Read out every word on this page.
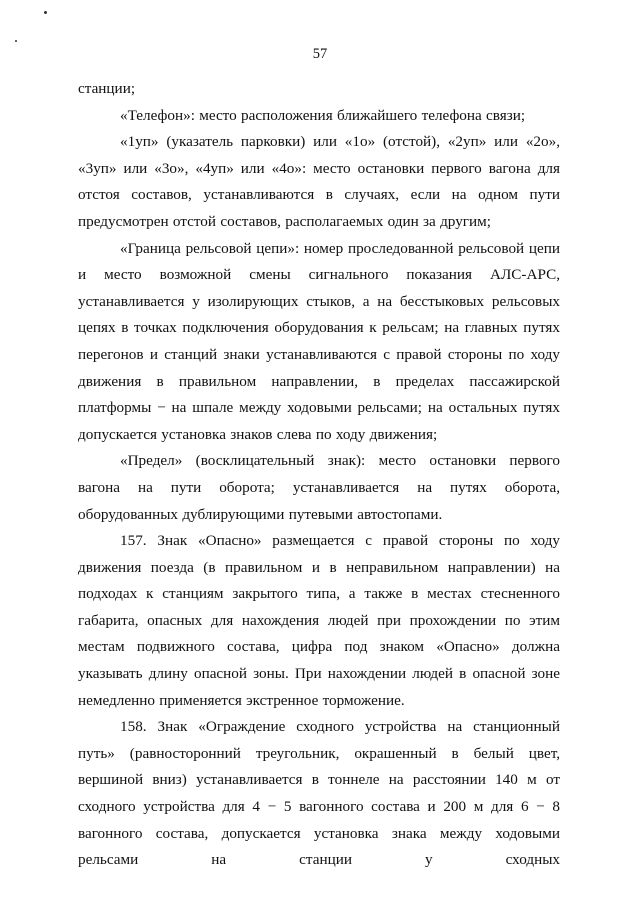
57

станции;

«Телефон»: место расположения ближайшего телефона связи;

«1уп» (указатель парковки) или «1о» (отстой), «2уп» или «2о», «3уп» или «3о», «4уп» или «4о»: место остановки первого вагона для отстоя составов, устанавливаются в случаях, если на одном пути предусмотрен отстой составов, располагаемых один за другим;

«Граница рельсовой цепи»: номер проследованной рельсовой цепи и место возможной смены сигнального показания АЛС-АРС, устанавливается у изолирующих стыков, а на бесстыковых рельсовых цепях в точках подключения оборудования к рельсам; на главных путях перегонов и станций знаки устанавливаются с правой стороны по ходу движения в правильном направлении, в пределах пассажирской платформы − на шпале между ходовыми рельсами; на остальных путях допускается установка знаков слева по ходу движения;

«Предел» (восклицательный знак): место остановки первого вагона на пути оборота; устанавливается на путях оборота, оборудованных дублирующими путевыми автостопами.

157. Знак «Опасно» размещается с правой стороны по ходу движения поезда (в правильном и в неправильном направлении) на подходах к станциям закрытого типа, а также в местах стесненного габарита, опасных для нахождения людей при прохождении по этим местам подвижного состава, цифра под знаком «Опасно» должна указывать длину опасной зоны. При нахождении людей в опасной зоне немедленно применяется экстренное торможение.

158. Знак «Ограждение сходного устройства на станционный путь» (равносторонний треугольник, окрашенный в белый цвет, вершиной вниз) устанавливается в тоннеле на расстоянии 140 м от сходного устройства для 4 − 5 вагонного состава и 200 м для 6 − 8 вагонного состава, допускается установка знака между ходовыми рельсами на станции у сходных
